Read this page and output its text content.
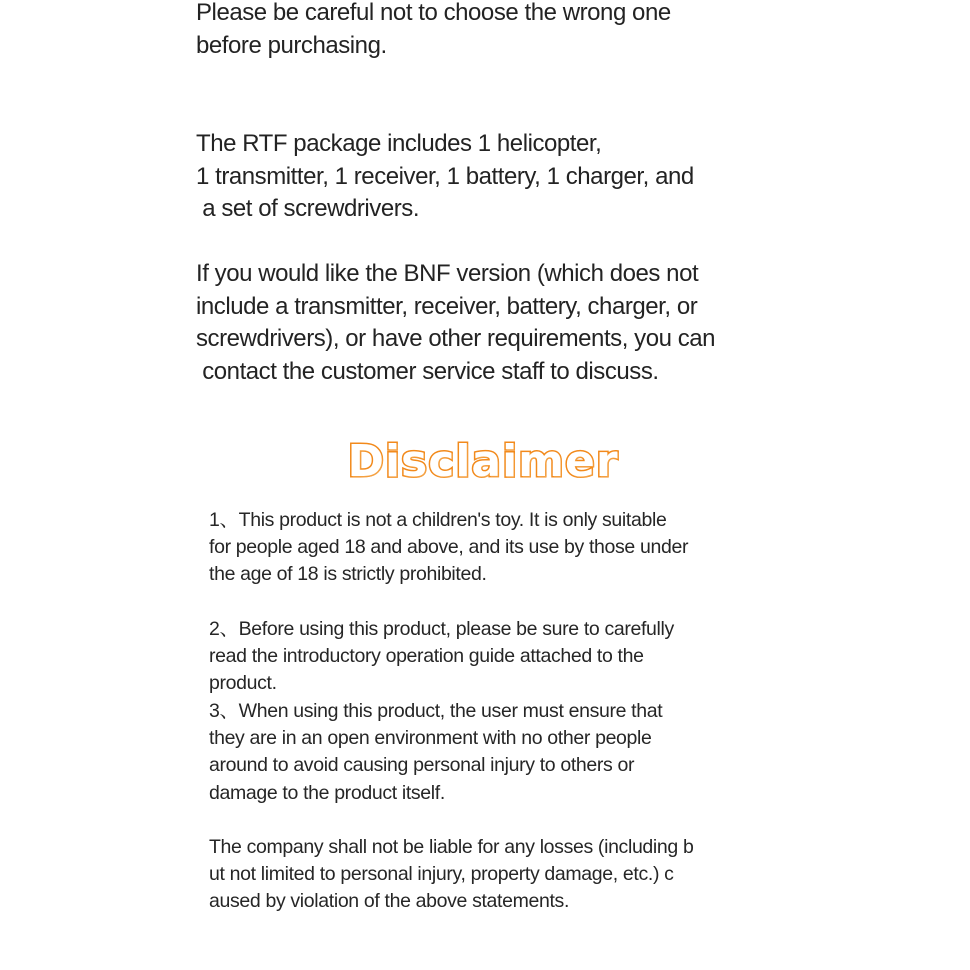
Please be careful not to choose the wrong one
before purchasing.
The RTF package includes 1 helicopter,
1 transmitter, 1 receiver, 1 battery, 1 charger, and
a set of screwdrivers.
If you would like the BNF version (which does not
include a transmitter, receiver, battery, charger, or
screwdrivers), or have other requirements, you can
contact the customer service staff to discuss.
Disclaimer
1、This product is not a children's toy. It is only suitable
for people aged 18 and above, and its use by those under
the age of 18 is strictly prohibited.
2、Before using this product, please be sure to carefully
read the introductory operation guide attached to the
product.
3、When using this product, the user must ensure that
they are in an open environment with no other people
around to avoid causing personal injury to others or
damage to the product itself.
The company shall not be liable for any losses (including b
ut not limited to personal injury, property damage, etc.) c
aused by violation of the above statements.
